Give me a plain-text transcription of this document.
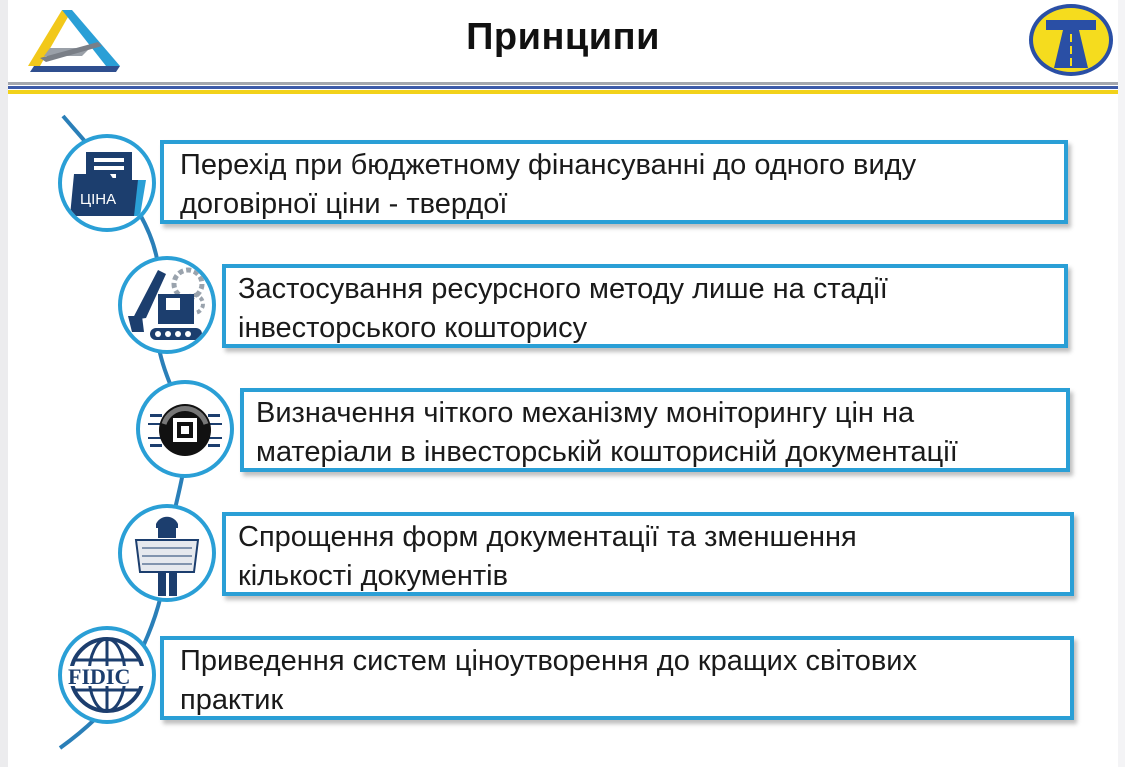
Принципи
Перехід при бюджетному фінансуванні до одного виду
договірної ціни - твердої
ЦІНА
Застосування ресурсного методу лише на стадії
інвесторського кошторису
Визначення чіткого механізму моніторингу цін на
матеріали в інвесторській кошторисній документації
Спрощення форм документації та зменшення
кількості документів
Приведення систем ціноутворення до кращих світових
практик
FIDIC
